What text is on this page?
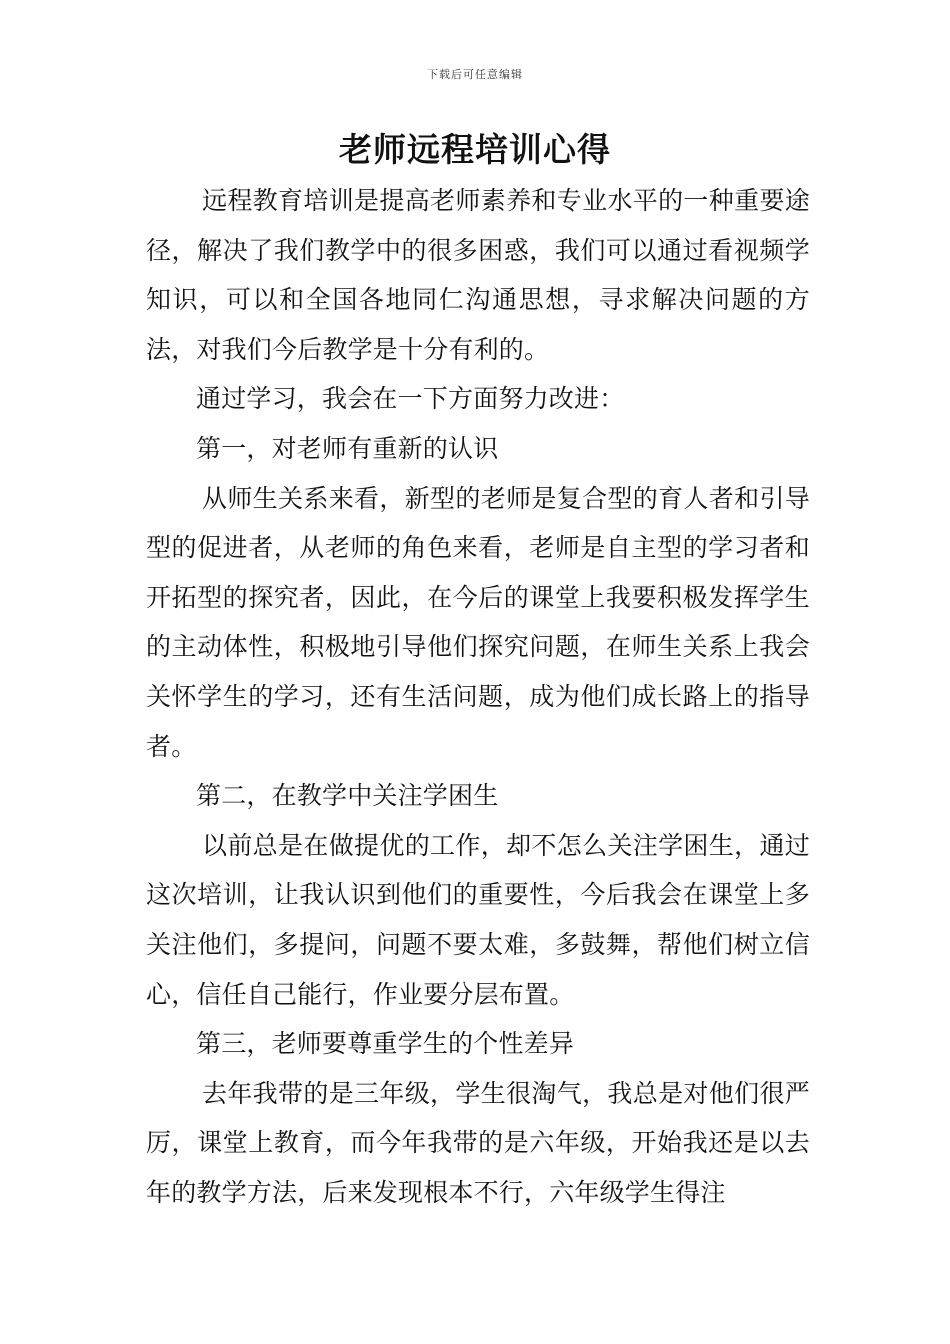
下载后可任意编辑
老师远程培训心得

远程教育培训是提高老师素养和专业水平的一种重要途径，解决了我们教学中的很多困惑，我们可以通过看视频学知识，可以和全国各地同仁沟通思想，寻求解决问题的方法，对我们今后教学是十分有利的。

通过学习，我会在一下方面努力改进：

第一，对老师有重新的认识

从师生关系来看，新型的老师是复合型的育人者和引导型的促进者，从老师的角色来看，老师是自主型的学习者和开拓型的探究者，因此，在今后的课堂上我要积极发挥学生的主动体性，积极地引导他们探究问题，在师生关系上我会关怀学生的学习，还有生活问题，成为他们成长路上的指导者。

第二，在教学中关注学困生

以前总是在做提优的工作，却不怎么关注学困生，通过这次培训，让我认识到他们的重要性，今后我会在课堂上多关注他们，多提问，问题不要太难，多鼓舞，帮他们树立信心，信任自己能行，作业要分层布置。

第三，老师要尊重学生的个性差异

去年我带的是三年级，学生很淘气，我总是对他们很严厉，课堂上教育，而今年我带的是六年级，开始我还是以去年的教学方法，后来发现根本不行，六年级学生得注
